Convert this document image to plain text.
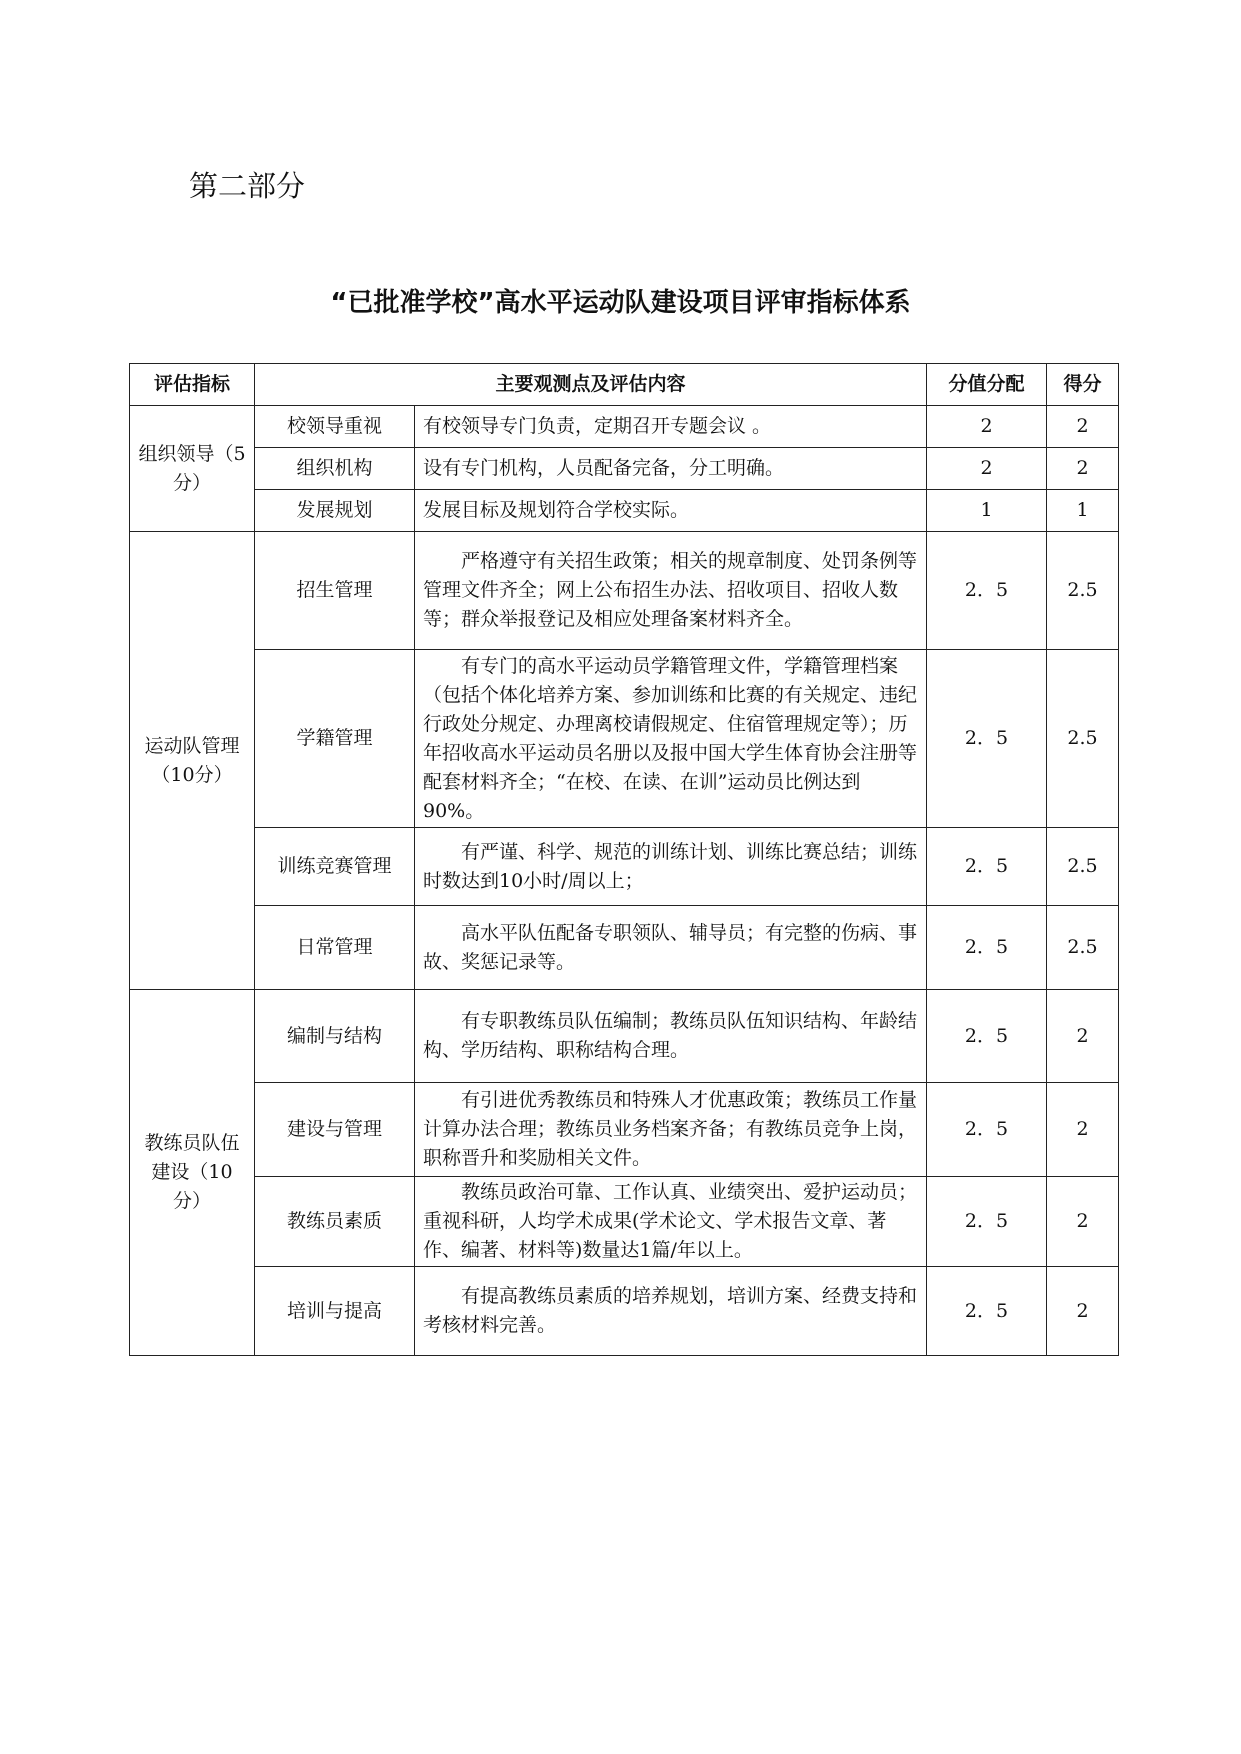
第二部分
“已批准学校”高水平运动队建设项目评审指标体系
评估指标	主要观测点及评估内容		分值分配	得分
组织领导（5分）	校领导重视	有校领导专门负责，定期召开专题会议 。	2	2
	组织机构	设有专门机构，人员配备完备，分工明确。	2	2
	发展规划	发展目标及规划符合学校实际。	1	1
运动队管理（10分）	招生管理	严格遵守有关招生政策；相关的规章制度、处罚条例等管理文件齐全；网上公布招生办法、招收项目、招收人数等；群众举报登记及相应处理备案材料齐全。	2．5	2.5
	学籍管理	有专门的高水平运动员学籍管理文件，学籍管理档案（包括个体化培养方案、参加训练和比赛的有关规定、违纪行政处分规定、办理离校请假规定、住宿管理规定等）；历年招收高水平运动员名册以及报中国大学生体育协会注册等配套材料齐全；“在校、在读、在训”运动员比例达到90%。	2．5	2.5
	训练竞赛管理	有严谨、科学、规范的训练计划、训练比赛总结；训练时数达到10小时/周以上；	2．5	2.5
	日常管理	高水平队伍配备专职领队、辅导员；有完整的伤病、事故、奖惩记录等。	2．5	2.5
教练员队伍建设（10分）	编制与结构	有专职教练员队伍编制；教练员队伍知识结构、年龄结构、学历结构、职称结构合理。	2．5	2
	建设与管理	有引进优秀教练员和特殊人才优惠政策；教练员工作量计算办法合理；教练员业务档案齐备；有教练员竞争上岗，职称晋升和奖励相关文件。	2．5	2
	教练员素质	教练员政治可靠、工作认真、业绩突出、爱护运动员；重视科研，人均学术成果(学术论文、学术报告文章、著作、编著、材料等)数量达1篇/年以上。	2．5	2
	培训与提高	有提高教练员素质的培养规划，培训方案、经费支持和考核材料完善。	2．5	2
